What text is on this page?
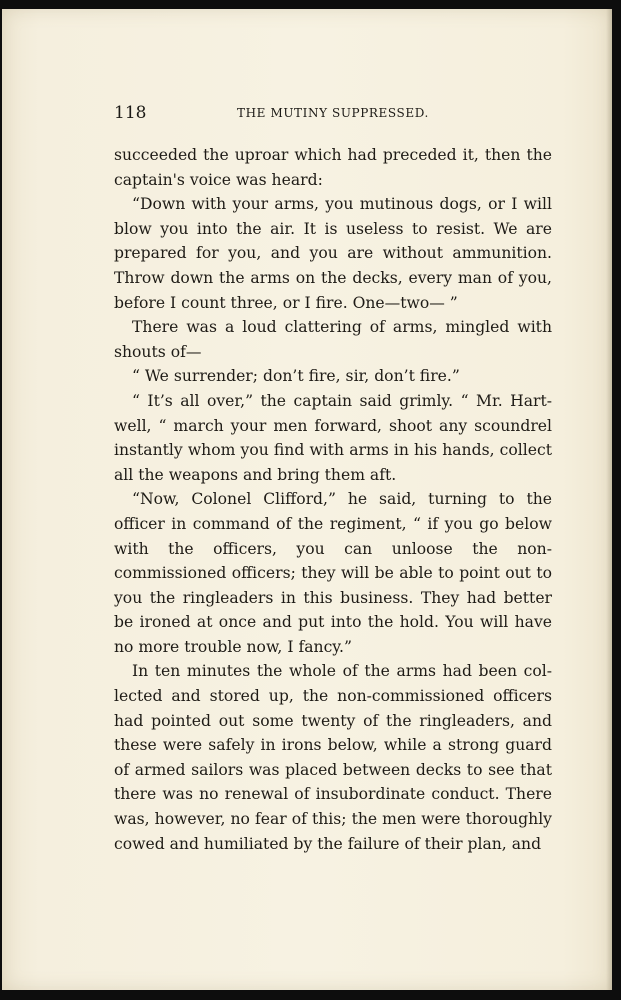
118	THE MUTINY SUPPRESSED.

succeeded the uproar which had preceded it, then the captain's voice was heard:

“Down with your arms, you mutinous dogs, or I will blow you into the air. It is useless to resist. We are prepared for you, and you are without ammunition. Throw down the arms on the decks, every man of you, before I count three, or I fire. One—two— ”

There was a loud clattering of arms, mingled with shouts of—

“ We surrender; don’t fire, sir, don’t fire.”

“ It’s all over,” the captain said grimly. “ Mr. Hartwell, “ march your men forward, shoot any scoundrel instantly whom you find with arms in his hands, collect all the weapons and bring them aft.

“Now, Colonel Clifford,” he said, turning to the officer in command of the regiment, “ if you go below with the officers, you can unloose the non-commissioned officers; they will be able to point out to you the ringleaders in this business. They had better be ironed at once and put into the hold. You will have no more trouble now, I fancy.”

In ten minutes the whole of the arms had been collected and stored up, the non-commissioned officers had pointed out some twenty of the ringleaders, and these were safely in irons below, while a strong guard of armed sailors was placed between decks to see that there was no renewal of insubordinate conduct. There was, however, no fear of this; the men were thoroughly cowed and humiliated by the failure of their plan, and
